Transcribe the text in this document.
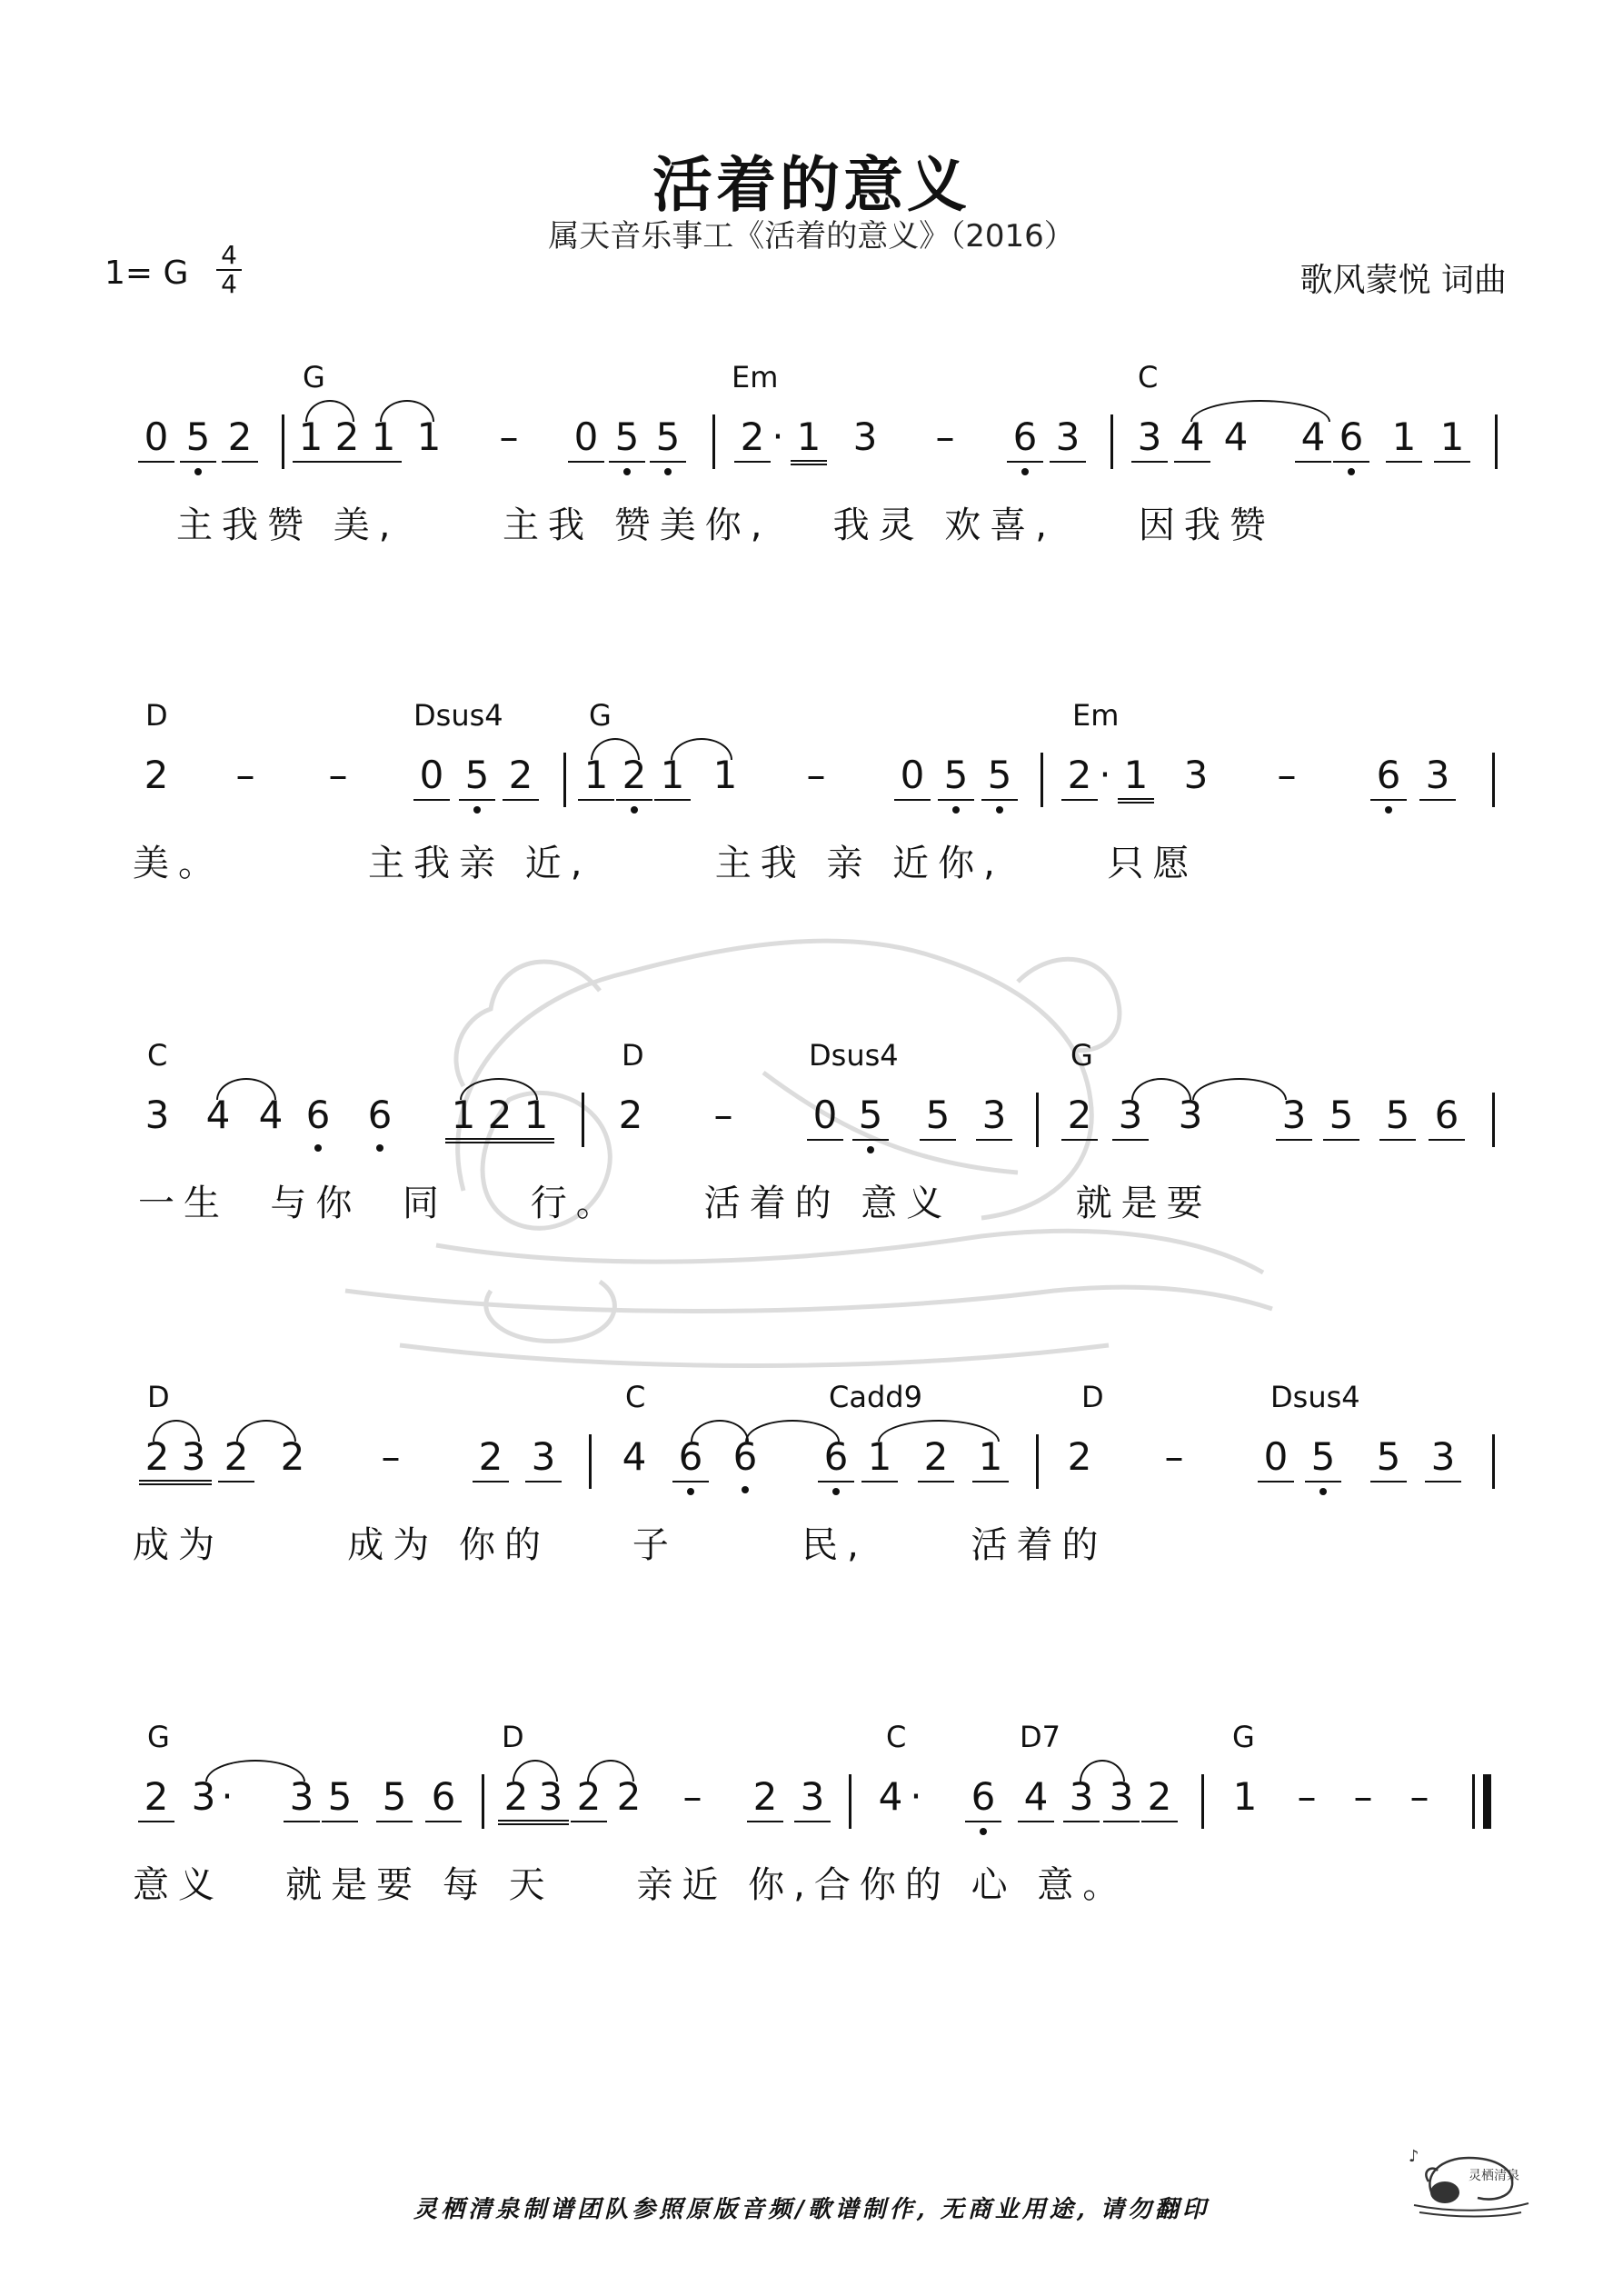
活着的意义
属天音乐事工《活着的意义》（2016）
1= G 4
4	歌风蒙悦 词曲
G	Em	C
0 5 2 1 2 1 1 – 0 5 5 2 · 1 3 – 6 3 3 4 4 4 6 1 1
主我赞 美,     主我 赞美你,   我灵 欢喜,    因我赞
D	Dsus4	G	Em
2 – – 0 5 2 1 2 1 1 – 0 5 5 2 · 1 3 – 6 3
美。       主我亲 近,      主我 亲 近你,     只愿
C	D	Dsus4	G
3 4 4 6 6 1 2 1 2 – 0 5 5 3 2 3 3 3 5 5 6
一生  与你  同    行。    活着的 意义      就是要
D	C	Cadd9	D	Dsus4
2 3 2 2 – 2 3 4 6 6 6 1 2 1 2 – 0 5 5 3
成为      成为 你的    子      民,     活着的
G	D	C	D7	G
2 3 · 3 5 5 6 2 3 2 2 – 2 3 4 · 6 4 3 3 2 1 – – –
意义   就是要 每 天    亲近 你,合你的 心 意。
灵栖清泉制谱团队参照原版音频/歌谱制作, 无商业用途, 请勿翻印
♪
灵栖清泉
